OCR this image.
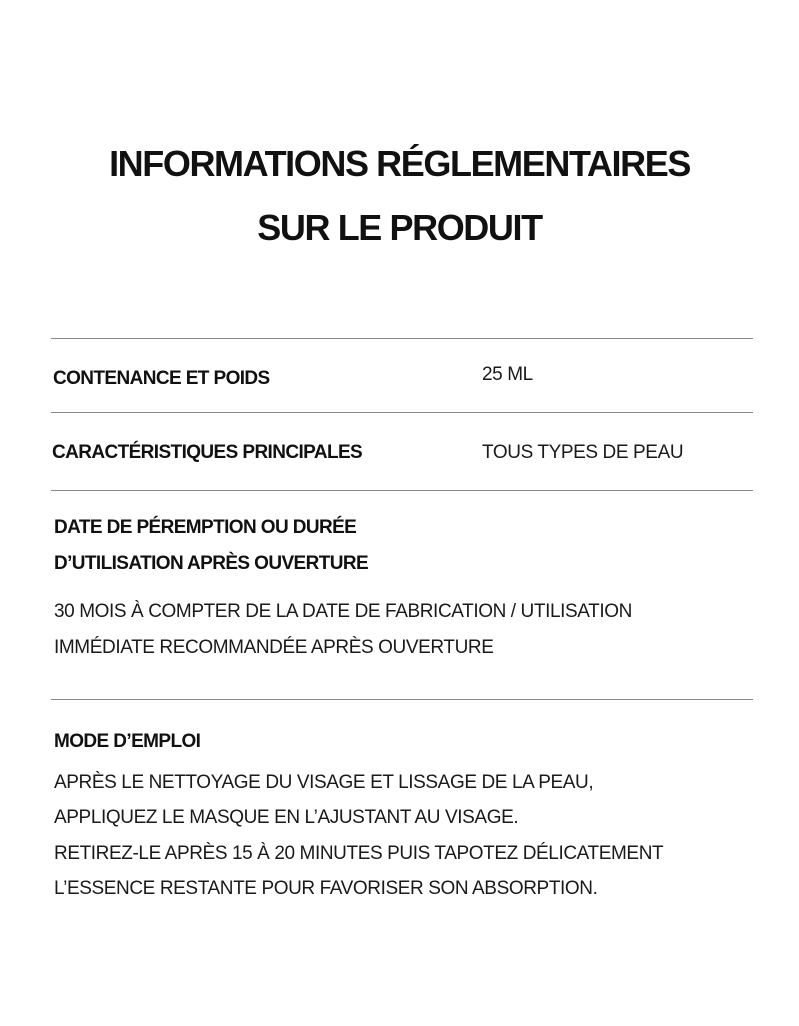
INFORMATIONS RÉGLEMENTAIRES
SUR LE PRODUIT
CONTENANCE ET POIDS	25 ML
CARACTÉRISTIQUES PRINCIPALES	TOUS TYPES DE PEAU
DATE DE PÉREMPTION OU DURÉE
D’UTILISATION APRÈS OUVERTURE
30 MOIS À COMPTER DE LA DATE DE FABRICATION / UTILISATION
IMMÉDIATE RECOMMANDÉE APRÈS OUVERTURE
MODE D’EMPLOI
APRÈS LE NETTOYAGE DU VISAGE ET LISSAGE DE LA PEAU,
APPLIQUEZ LE MASQUE EN L’AJUSTANT AU VISAGE.
RETIREZ-LE APRÈS 15 À 20 MINUTES PUIS TAPOTEZ DÉLICATEMENT
L’ESSENCE RESTANTE POUR FAVORISER SON ABSORPTION.
